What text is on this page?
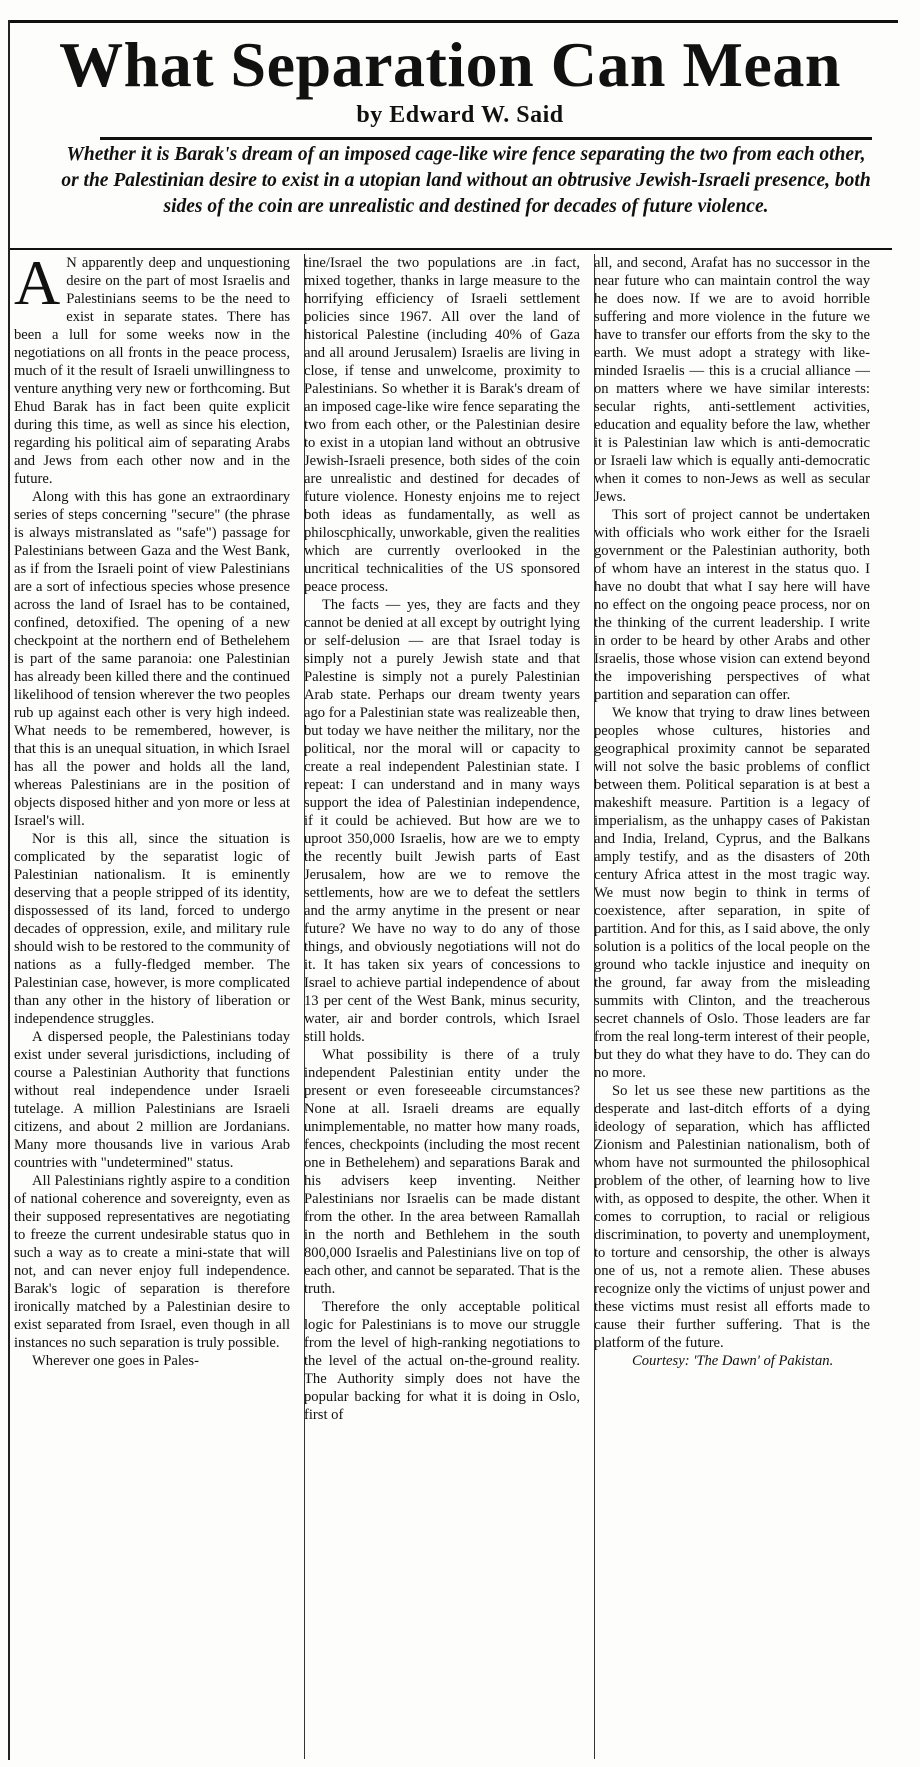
What Separation Can Mean
by Edward W. Said

Whether it is Barak's dream of an imposed cage-like wire fence separating the two from each other, or the Palestinian desire to exist in a utopian land without an obtrusive Jewish-Israeli presence, both sides of the coin are unrealistic and destined for decades of future violence.

A N apparently deep and unquestioning desire on the part of most Israelis and Palestinians seems to be the need to exist in separate states. There has been a lull for some weeks now in the negotiations on all fronts in the peace process, much of it the result of Israeli unwillingness to venture anything very new or forthcoming. But Ehud Barak has in fact been quite explicit during this time, as well as since his election, regarding his political aim of separating Arabs and Jews from each other now and in the future.

Along with this has gone an extraordinary series of steps concerning "secure" (the phrase is always mistranslated as "safe") passage for Palestinians between Gaza and the West Bank, as if from the Israeli point of view Palestinians are a sort of infectious species whose presence across the land of Israel has to be contained, confined, detoxified. The opening of a new checkpoint at the northern end of Bethelehem is part of the same paranoia: one Palestinian has already been killed there and the continued likelihood of tension wherever the two peoples rub up against each other is very high indeed. What needs to be remembered, however, is that this is an unequal situation, in which Israel has all the power and holds all the land, whereas Palestinians are in the position of objects disposed hither and yon more or less at Israel's will.

Nor is this all, since the situation is complicated by the separatist logic of Palestinian nationalism. It is eminently deserving that a people stripped of its identity, dispossessed of its land, forced to undergo decades of oppression, exile, and military rule should wish to be restored to the community of nations as a fully-fledged member. The Palestinian case, however, is more complicated than any other in the history of liberation or independence struggles.

A dispersed people, the Palestinians today exist under several jurisdictions, including of course a Palestinian Authority that functions without real independence under Israeli tutelage. A million Palestinians are Israeli citizens, and about 2 million are Jordanians. Many more thousands live in various Arab countries with "undetermined" status.

All Palestinians rightly aspire to a condition of national coherence and sovereignty, even as their supposed representatives are negotiating to freeze the current undesirable status quo in such a way as to create a mini-state that will not, and can never enjoy full independence. Barak's logic of separation is therefore ironically matched by a Palestinian desire to exist separated from Israel, even though in all instances no such separation is truly possible.

Wherever one goes in Pales-

tine/Israel the two populations are .in fact, mixed together, thanks in large measure to the horrifying efficiency of Israeli settlement policies since 1967. All over the land of historical Palestine (including 40% of Gaza and all around Jerusalem) Israelis are living in close, if tense and unwelcome, proximity to Palestinians. So whether it is Barak's dream of an imposed cage-like wire fence separating the two from each other, or the Palestinian desire to exist in a utopian land without an obtrusive Jewish-Israeli presence, both sides of the coin are unrealistic and destined for decades of future violence. Honesty enjoins me to reject both ideas as fundamentally, as well as philoscphically, unworkable, given the realities which are currently overlooked in the uncritical technicalities of the US sponsored peace process.

The facts — yes, they are facts and they cannot be denied at all except by outright lying or self-delusion — are that Israel today is simply not a purely Jewish state and that Palestine is simply not a purely Palestinian Arab state. Perhaps our dream twenty years ago for a Palestinian state was realizeable then, but today we have neither the military, nor the political, nor the moral will or capacity to create a real independent Palestinian state. I repeat: I can understand and in many ways support the idea of Palestinian independence, if it could be achieved. But how are we to uproot 350,000 Israelis, how are we to empty the recently built Jewish parts of East Jerusalem, how are we to remove the settlements, how are we to defeat the settlers and the army anytime in the present or near future? We have no way to do any of those things, and obviously negotiations will not do it. It has taken six years of concessions to Israel to achieve partial independence of about 13 per cent of the West Bank, minus security, water, air and border controls, which Israel still holds.

What possibility is there of a truly independent Palestinian entity under the present or even foreseeable circumstances? None at all. Israeli dreams are equally unimplementable, no matter how many roads, fences, checkpoints (including the most recent one in Bethelehem) and separations Barak and his advisers keep inventing. Neither Palestinians nor Israelis can be made distant from the other. In the area between Ramallah in the north and Bethlehem in the south 800,000 Israelis and Palestinians live on top of each other, and cannot be separated. That is the truth.

Therefore the only acceptable political logic for Palestinians is to move our struggle from the level of high-ranking negotiations to the level of the actual on-the-ground reality. The Authority simply does not have the popular backing for what it is doing in Oslo, first of

all, and second, Arafat has no successor in the near future who can maintain control the way he does now. If we are to avoid horrible suffering and more violence in the future we have to transfer our efforts from the sky to the earth. We must adopt a strategy with like-minded Israelis — this is a crucial alliance — on matters where we have similar interests: secular rights, anti-settlement activities, education and equality before the law, whether it is Palestinian law which is anti-democratic or Israeli law which is equally anti-democratic when it comes to non-Jews as well as secular Jews.

This sort of project cannot be undertaken with officials who work either for the Israeli government or the Palestinian authority, both of whom have an interest in the status quo. I have no doubt that what I say here will have no effect on the ongoing peace process, nor on the thinking of the current leadership. I write in order to be heard by other Arabs and other Israelis, those whose vision can extend beyond the impoverishing perspectives of what partition and separation can offer.

We know that trying to draw lines between peoples whose cultures, histories and geographical proximity cannot be separated will not solve the basic problems of conflict between them. Political separation is at best a makeshift measure. Partition is a legacy of imperialism, as the unhappy cases of Pakistan and India, Ireland, Cyprus, and the Balkans amply testify, and as the disasters of 20th century Africa attest in the most tragic way. We must now begin to think in terms of coexistence, after separation, in spite of partition. And for this, as I said above, the only solution is a politics of the local people on the ground who tackle injustice and inequity on the ground, far away from the misleading summits with Clinton, and the treacherous secret channels of Oslo. Those leaders are far from the real long-term interest of their people, but they do what they have to do. They can do no more.

So let us see these new partitions as the desperate and last-ditch efforts of a dying ideology of separation, which has afflicted Zionism and Palestinian nationalism, both of whom have not surmounted the philosophical problem of the other, of learning how to live with, as opposed to despite, the other. When it comes to corruption, to racial or religious discrimination, to poverty and unemployment, to torture and censorship, the other is always one of us, not a remote alien. These abuses recognize only the victims of unjust power and these victims must resist all efforts made to cause their further suffering. That is the platform of the future.

Courtesy: 'The Dawn' of Pakistan.
